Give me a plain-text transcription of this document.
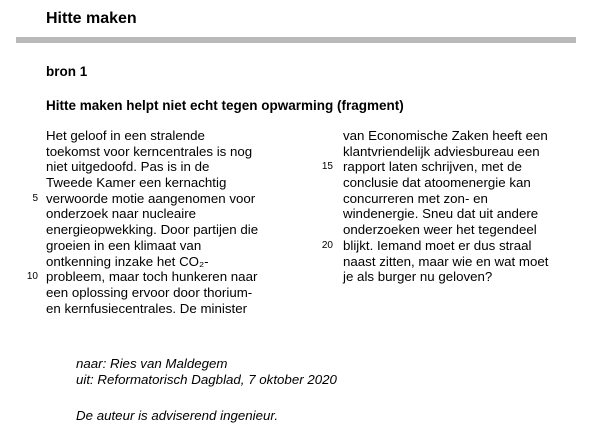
Hitte maken
bron 1
Hitte maken helpt niet echt tegen opwarming (fragment)
Het geloof in een stralende
toekomst voor kerncentrales is nog
niet uitgedoofd. Pas is in de
Tweede Kamer een kernachtig
5 verwoorde motie aangenomen voor
onderzoek naar nucleaire
energieopwekking. Door partijen die
groeien in een klimaat van
ontkenning inzake het CO₂-
10 probleem, maar toch hunkeren naar
een oplossing ervoor door thorium-
en kernfusiecentrales. De minister
van Economische Zaken heeft een
klantvriendelijk adviesbureau een
15 rapport laten schrijven, met de
conclusie dat atoomenergie kan
concurreren met zon- en
windenergie. Sneu dat uit andere
onderzoeken weer het tegendeel
20 blijkt. Iemand moet er dus straal
naast zitten, maar wie en wat moet
je als burger nu geloven?
naar: Ries van Maldegem
uit: Reformatorisch Dagblad, 7 oktober 2020
De auteur is adviserend ingenieur.
